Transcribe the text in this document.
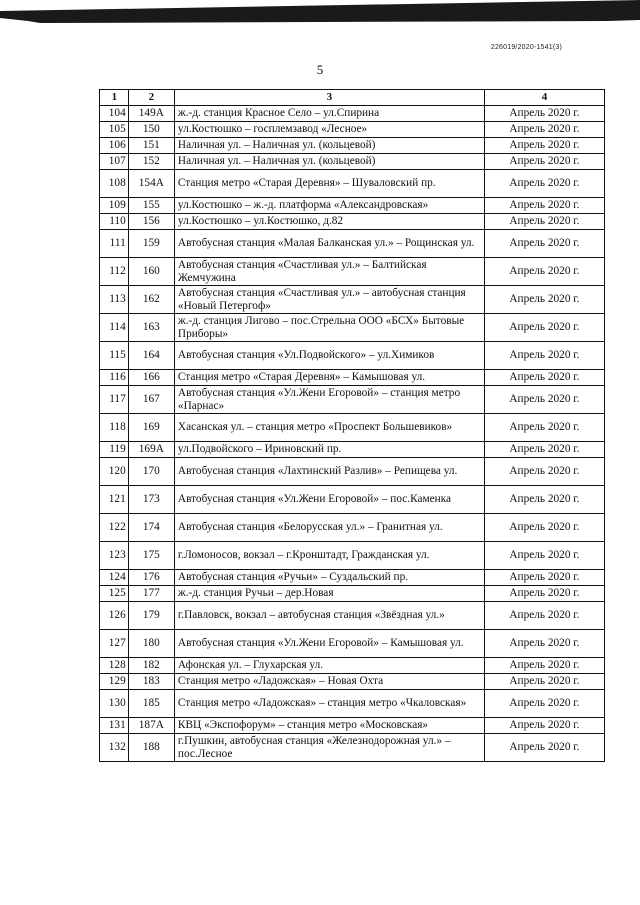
226019/2020-1541(3)
5
1	2	3	4
104	149А	ж.-д. станция Красное Село – ул.Спирина	Апрель 2020 г.
105	150	ул.Костюшко – госплемзавод «Лесное»	Апрель 2020 г.
106	151	Наличная ул. – Наличная ул. (кольцевой)	Апрель 2020 г.
107	152	Наличная ул. – Наличная ул. (кольцевой)	Апрель 2020 г.
108	154А	Станция метро «Старая Деревня» – Шуваловский пр.	Апрель 2020 г.
109	155	ул.Костюшко – ж.-д. платформа «Александровская»	Апрель 2020 г.
110	156	ул.Костюшко – ул.Костюшко, д.82	Апрель 2020 г.
111	159	Автобусная станция «Малая Балканская ул.» – Рощинская ул.	Апрель 2020 г.
112	160	Автобусная станция «Счастливая ул.» – Балтийская Жемчужина	Апрель 2020 г.
113	162	Автобусная станция «Счастливая ул.» – автобусная станция «Новый Петергоф»	Апрель 2020 г.
114	163	ж.-д. станция Лигово – пос.Стрельна ООО «БСХ» Бытовые Приборы»	Апрель 2020 г.
115	164	Автобусная станция «Ул.Подвойского» – ул.Химиков	Апрель 2020 г.
116	166	Станция метро «Старая Деревня» – Камышовая ул.	Апрель 2020 г.
117	167	Автобусная станция «Ул.Жени Егоровой» – станция метро «Парнас»	Апрель 2020 г.
118	169	Хасанская ул. – станция метро «Проспект Большевиков»	Апрель 2020 г.
119	169А	ул.Подвойского – Ириновский пр.	Апрель 2020 г.
120	170	Автобусная станция «Лахтинский Разлив» – Репищева ул.	Апрель 2020 г.
121	173	Автобусная станция «Ул.Жени Егоровой» – пос.Каменка	Апрель 2020 г.
122	174	Автобусная станция «Белорусская ул.» – Гранитная ул.	Апрель 2020 г.
123	175	г.Ломоносов, вокзал – г.Кронштадт, Гражданская ул.	Апрель 2020 г.
124	176	Автобусная станция «Ручьи» – Суздальский пр.	Апрель 2020 г.
125	177	ж.-д. станция Ручьи – дер.Новая	Апрель 2020 г.
126	179	г.Павловск, вокзал – автобусная станция «Звёздная ул.»	Апрель 2020 г.
127	180	Автобусная станция «Ул.Жени Егоровой» – Камышовая ул.	Апрель 2020 г.
128	182	Афонская ул. – Глухарская ул.	Апрель 2020 г.
129	183	Станция метро «Ладожская» – Новая Охта	Апрель 2020 г.
130	185	Станция метро «Ладожская» – станция метро «Чкаловская»	Апрель 2020 г.
131	187А	КВЦ «Экспофорум» – станция метро «Московская»	Апрель 2020 г.
132	188	г.Пушкин, автобусная станция «Железнодорожная ул.» – пос.Лесное	Апрель 2020 г.
